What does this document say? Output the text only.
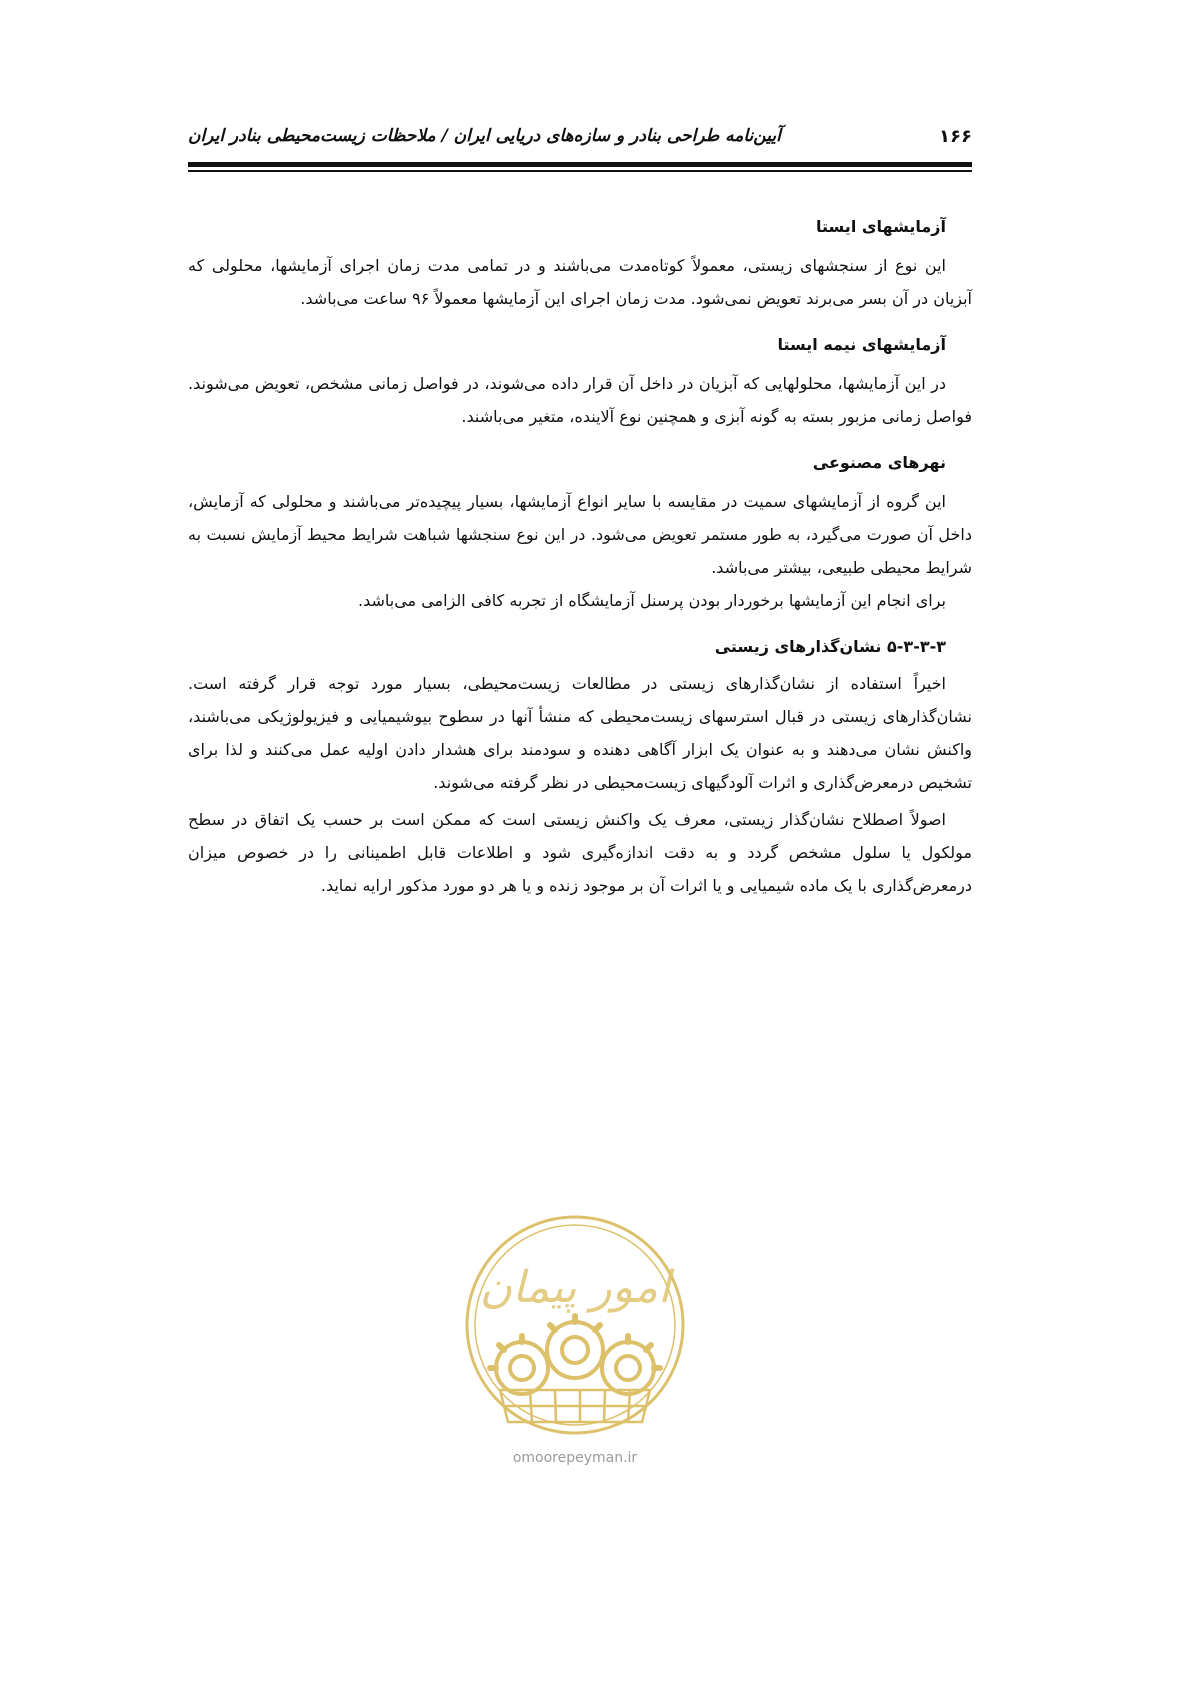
۱۶۶
آیین‌نامه طراحی بنادر و سازه‌های دریایی ایران / ملاحظات زیست‌محیطی بنادر ایران
آزمایشهای ایستا

این نوع از سنجشهای زیستی، معمولاً کوتاه‌مدت می‌باشند و در تمامی مدت زمان اجرای آزمایشها، محلولی که آبزیان در آن بسر می‌برند تعویض نمی‌شود. مدت زمان اجرای این آزمایشها معمولاً ۹۶ ساعت می‌باشد.

آزمایشهای نیمه ایستا

در این آزمایشها، محلولهایی که آبزیان در داخل آن قرار داده می‌شوند، در فواصل زمانی مشخص، تعویض می‌شوند. فواصل زمانی مزبور بسته به گونه آبزی و همچنین نوع آلاینده، متغیر می‌باشند.

نهرهای مصنوعی

این گروه از آزمایشهای سمیت در مقایسه با سایر انواع آزمایشها، بسیار پیچیده‌تر می‌باشند و محلولی که آزمایش، داخل آن صورت می‌گیرد، به طور مستمر تعویض می‌شود. در این نوع سنجشها شباهت شرایط محیط آزمایش نسبت به شرایط محیطی طبیعی، بیشتر می‌باشد.

برای انجام این آزمایشها برخوردار بودن پرسنل آزمایشگاه از تجربه کافی الزامی می‌باشد.

۵-۳-۳-۳ نشان‌گذارهای زیستی

اخیراً استفاده از نشان‌گذارهای زیستی در مطالعات زیست‌محیطی، بسیار مورد توجه قرار گرفته است. نشان‌گذارهای زیستی در قبال استرسهای زیست‌محیطی که منشأ آنها در سطوح بیوشیمیایی و فیزیولوژیکی می‌باشند، واکنش نشان می‌دهند و به عنوان یک ابزار آگاهی دهنده و سودمند برای هشدار دادن اولیه عمل می‌کنند و لذا برای تشخیص درمعرض‌گذاری و اثرات آلودگیهای زیست‌محیطی در نظر گرفته می‌شوند.

اصولاً اصطلاح نشان‌گذار زیستی، معرف یک واکنش زیستی است که ممکن است بر حسب یک اتفاق در سطح مولکول یا سلول مشخص گردد و به دقت اندازه‌گیری شود و اطلاعات قابل اطمینانی را در خصوص میزان درمعرض‌گذاری با یک ماده شیمیایی و یا اثرات آن بر موجود زنده و یا هر دو مورد مذکور ارایه نماید.

امور پیمان
omoorepeyman.ir
